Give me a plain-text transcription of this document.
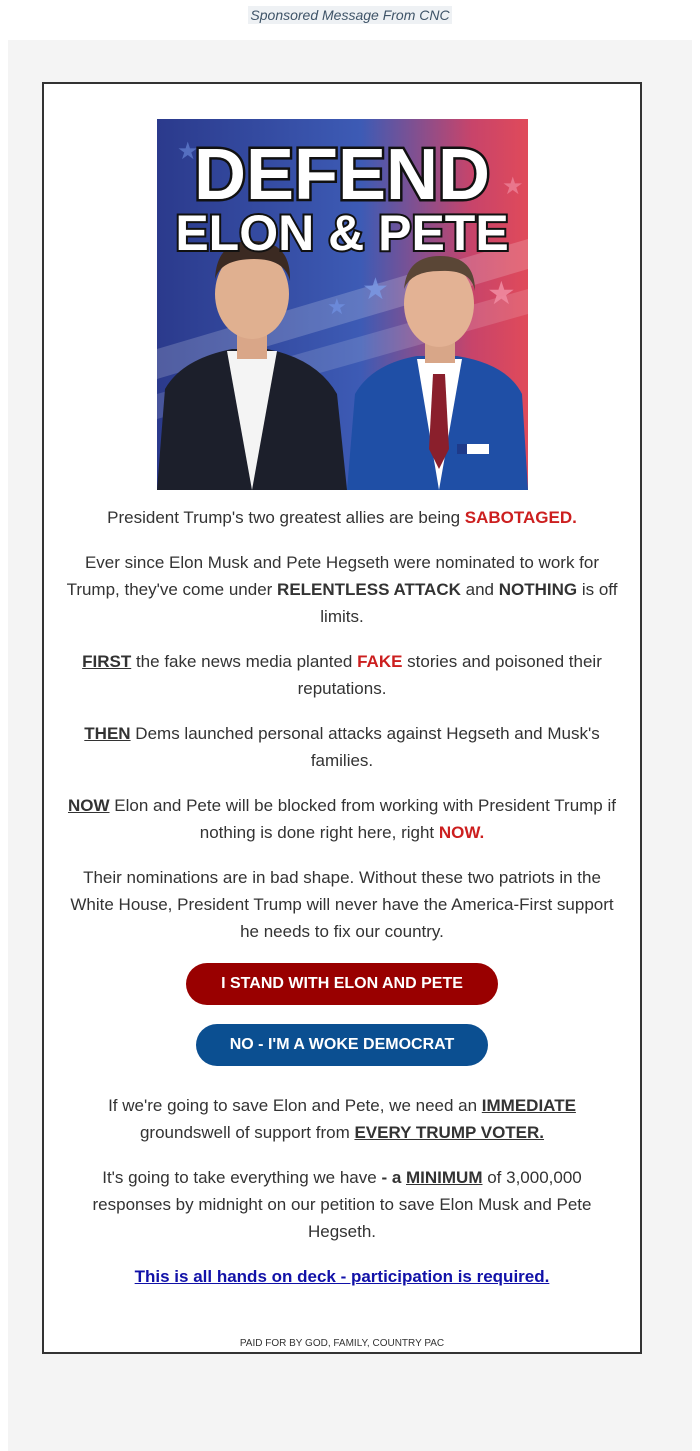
Sponsored Message From CNC
★
★	★
★
★
DEFEND
ELON & PETE

President Trump's two greatest allies are being SABOTAGED.

Ever since Elon Musk and Pete Hegseth were nominated to work for Trump, they've come under RELENTLESS ATTACK and NOTHING is off limits.

FIRST the fake news media planted FAKE stories and poisoned their reputations.

THEN Dems launched personal attacks against Hegseth and Musk's families.

NOW Elon and Pete will be blocked from working with President Trump if nothing is done right here, right NOW.

Their nominations are in bad shape. Without these two patriots in the White House, President Trump will never have the America-First support he needs to fix our country.

I STAND WITH ELON AND PETE
NO - I'M A WOKE DEMOCRAT

If we're going to save Elon and Pete, we need an IMMEDIATE groundswell of support from EVERY TRUMP VOTER.

It's going to take everything we have - a MINIMUM of 3,000,000 responses by midnight on our petition to save Elon Musk and Pete Hegseth.

This is all hands on deck - participation is required.

PAID FOR BY GOD, FAMILY, COUNTRY PAC
